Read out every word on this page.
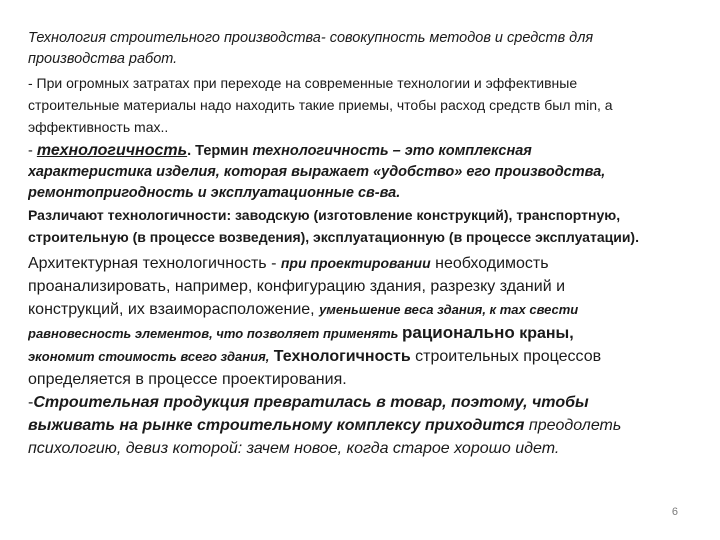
Технология строительного производства- совокупность методов и средств для
производства работ.
- При огромных затратах при переходе на современные технологии и эффективные
строительные материалы надо находить такие приемы, чтобы расход средств был min, а
эффективность max..
- технологичность. Термин технологичность – это комплексная
характеристика изделия, которая выражает «удобство» его производства,
ремонтопригодность и эксплуатационные св-ва.
Различают технологичности: заводскую (изготовление конструкций), транспортную,
строительную (в процессе возведения), эксплуатационную (в процессе эксплуатации).
Архитектурная технологичность - при проектировании необходимость
проанализировать, например, конфигурацию здания, разрезку зданий и
конструкций, их взаиморасположение, уменьшение веса здания, к тах свести
равновесность элементов, что позволяет применять рационально краны,
экономит стоимость всего здания, Технологичность строительных процессов
определяется в процессе проектирования.
-Строительная продукция превратилась в товар, поэтому, чтобы
выживать на рынке строительному комплексу приходится преодолеть
психологию, девиз которой: зачем новое, когда старое хорошо идет.
6
